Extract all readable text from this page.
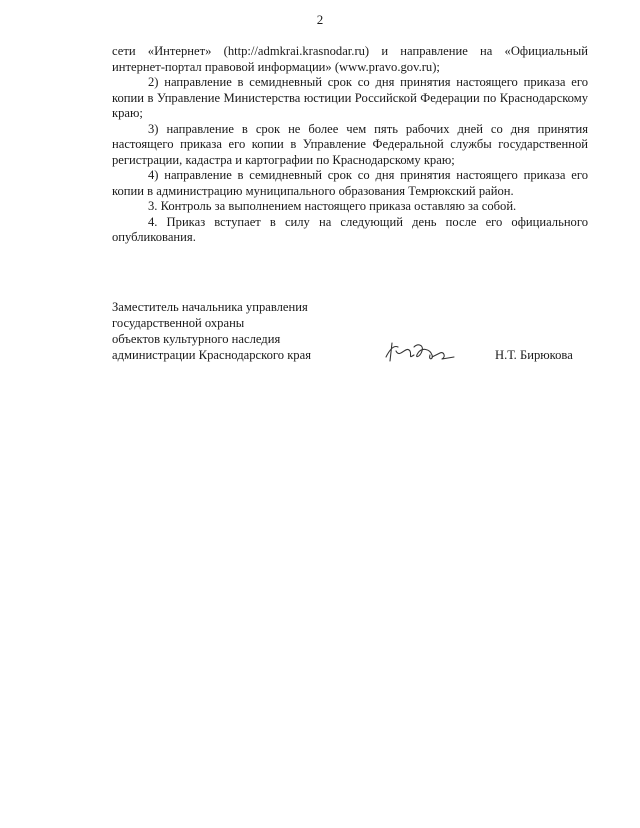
2

сети «Интернет» (http://admkrai.krasnodar.ru) и направление на «Официальный интернет-портал правовой информации» (www.pravo.gov.ru);

2) направление в семидневный срок со дня принятия настоящего приказа его копии в Управление Министерства юстиции Российской Федерации по Краснодарскому краю;

3) направление в срок не более чем пять рабочих дней со дня принятия настоящего приказа его копии в Управление Федеральной службы государственной регистрации, кадастра и картографии по Краснодарскому краю;

4) направление в семидневный срок со дня принятия настоящего приказа его копии в администрацию муниципального образования Темрюкский район.

3. Контроль за выполнением настоящего приказа оставляю за собой.

4. Приказ вступает в силу на следующий день после его официального опубликования.

Заместитель начальника управления
государственной охраны
объектов культурного наследия
администрации Краснодарского края	Н.Т. Бирюкова
